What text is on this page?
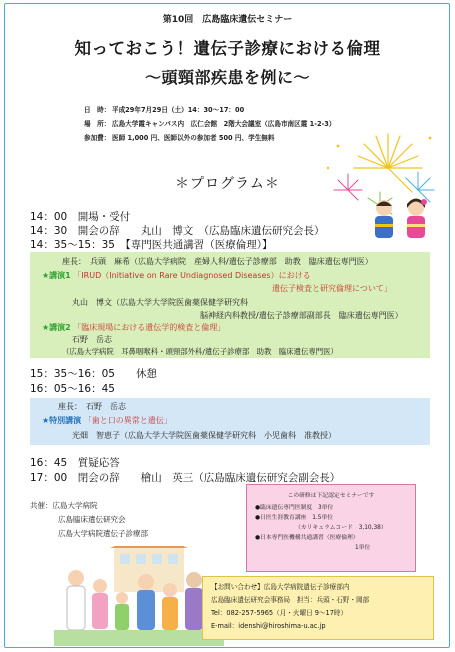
第10回　広島臨床遺伝セミナー
知っておこう！遺伝子診療における倫理
～頭頸部疾患を例に～
日　時： 平成29年7月29日（土）14：30～17：00
場　所： 広島大学霞キャンパス内　広仁会館　2階大会議室（広島市南区霞 1-2-3）
参加費： 医師 1,000 円、医師以外の参加者 500 円、学生無料
＊プログラム＊
14：00　開場・受付
14：30　開会の辞　　丸山　博文　（広島臨床遺伝研究会長）
14：35～15：35　【専門医共通講習（医療倫理）】
座長：　兵頭　麻希（広島大学病院　産婦人科/遺伝子診療部　助教　臨床遺伝専門医）
★講演1 「IRUD（Initiative on Rare Undiagnosed Diseases）における
遺伝子検査と研究倫理について」
丸山　博文（広島大学大学院医歯薬保健学研究科
脳神経内科教授/遺伝子診療部副部長　臨床遺伝専門医）
★講演2 「臨床現場における遺伝学的検査と倫理」
石野　岳志
（広島大学病院　耳鼻咽喉科・頭頸部外科/遺伝子診療部　助教　臨床遺伝専門医）
15：35～16：05　　休憩
16：05～16：45
座長：　石野　岳志
★特別講演 「歯と口の異常と遺伝」
光畑　智恵子（広島大学大学院医歯薬保健学研究科　小児歯科　准教授）
16：45　質疑応答
17：00　閉会の辞　　檜山　英三（広島臨床遺伝研究会副会長）
共催：広島大学病院
広島臨床遺伝研究会
広島大学病院遺伝子診療部
この研修は下記認定セミナーです
●臨床遺伝専門医制度　3単位
●日医生涯教育講座　1.5単位
（カリキュラムコード　3,10,38）
●日本専門医機構共通講習（医療倫理）
1単位
【お問い合わせ】広島大学病院遺伝子診療部内
広島臨床遺伝研究会事務局　担当：兵頭・石野・岡部
Tel：082-257-5965（月・火曜日 9～17時）
E-mail：idenshi@hiroshima-u.ac.jp
